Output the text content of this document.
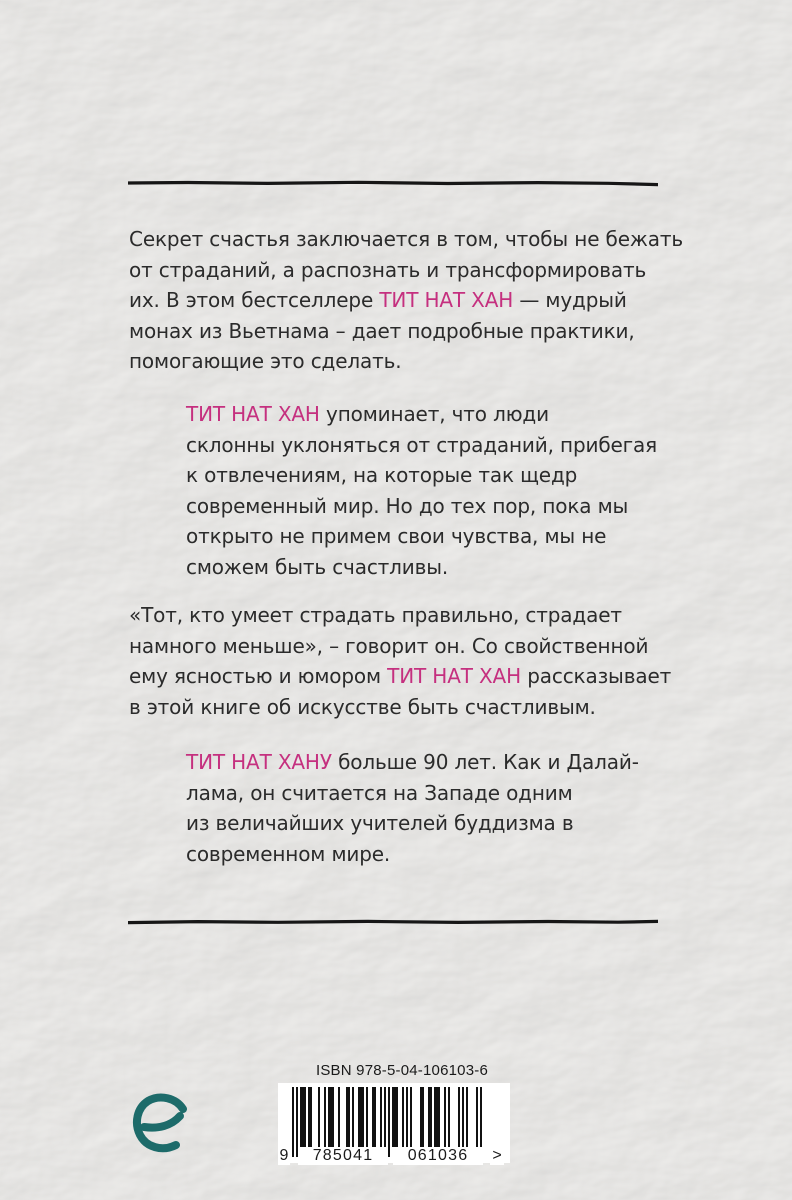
Секрет счастья заключается в том, чтобы не бежать
от страданий, а распознать и трансформировать
их. В этом бестселлере ТИТ НАТ ХАН — мудрый
монах из Вьетнама – дает подробные практики,
помогающие это сделать.
ТИТ НАТ ХАН упоминает, что люди
склонны уклоняться от страданий, прибегая
к отвлечениям, на которые так щедр
современный мир. Но до тех пор, пока мы
открыто не примем свои чувства, мы не
сможем быть счастливы.
«Тот, кто умеет страдать правильно, страдает
намного меньше», – говорит он. Со свойственной
ему ясностью и юмором ТИТ НАТ ХАН рассказывает
в этой книге об искусстве быть счастливым.
ТИТ НАТ ХАНУ больше 90 лет. Как и Далай-
лама, он считается на Западе одним
из величайших учителей буддизма в
современном мире.
ISBN 978-5-04-106103-6
9	785041	061036	>
